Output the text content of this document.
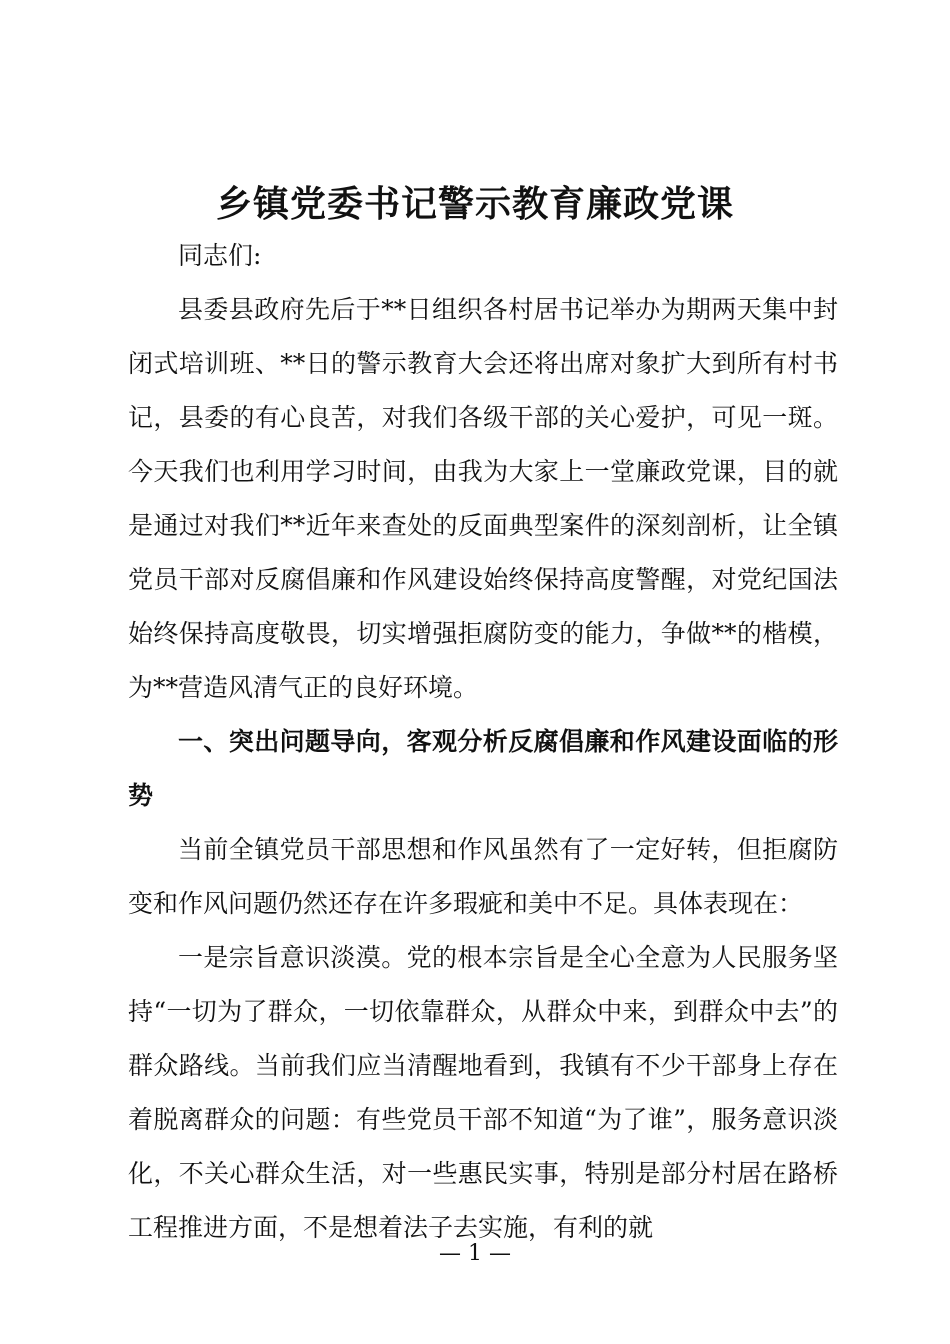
乡镇党委书记警示教育廉政党课

同志们:

县委县政府先后于**日组织各村居书记举办为期两天集中封闭式培训班、**日的警示教育大会还将出席对象扩大到所有村书记，县委的有心良苦，对我们各级干部的关心爱护，可见一斑。今天我们也利用学习时间，由我为大家上一堂廉政党课，目的就是通过对我们**近年来查处的反面典型案件的深刻剖析，让全镇党员干部对反腐倡廉和作风建设始终保持高度警醒，对党纪国法始终保持高度敬畏，切实增强拒腐防变的能力，争做**的楷模，为**营造风清气正的良好环境。

一、突出问题导向，客观分析反腐倡廉和作风建设面临的形势

当前全镇党员干部思想和作风虽然有了一定好转，但拒腐防变和作风问题仍然还存在许多瑕疵和美中不足。具体表现在：

一是宗旨意识淡漠。党的根本宗旨是全心全意为人民服务坚持“一切为了群众，一切依靠群众，从群众中来，到群众中去”的群众路线。当前我们应当清醒地看到，我镇有不少干部身上存在着脱离群众的问题：有些党员干部不知道“为了谁”，服务意识淡化，不关心群众生活，对一些惠民实事，特别是部分村居在路桥工程推进方面，不是想着法子去实施，有利的就

— 1 —
